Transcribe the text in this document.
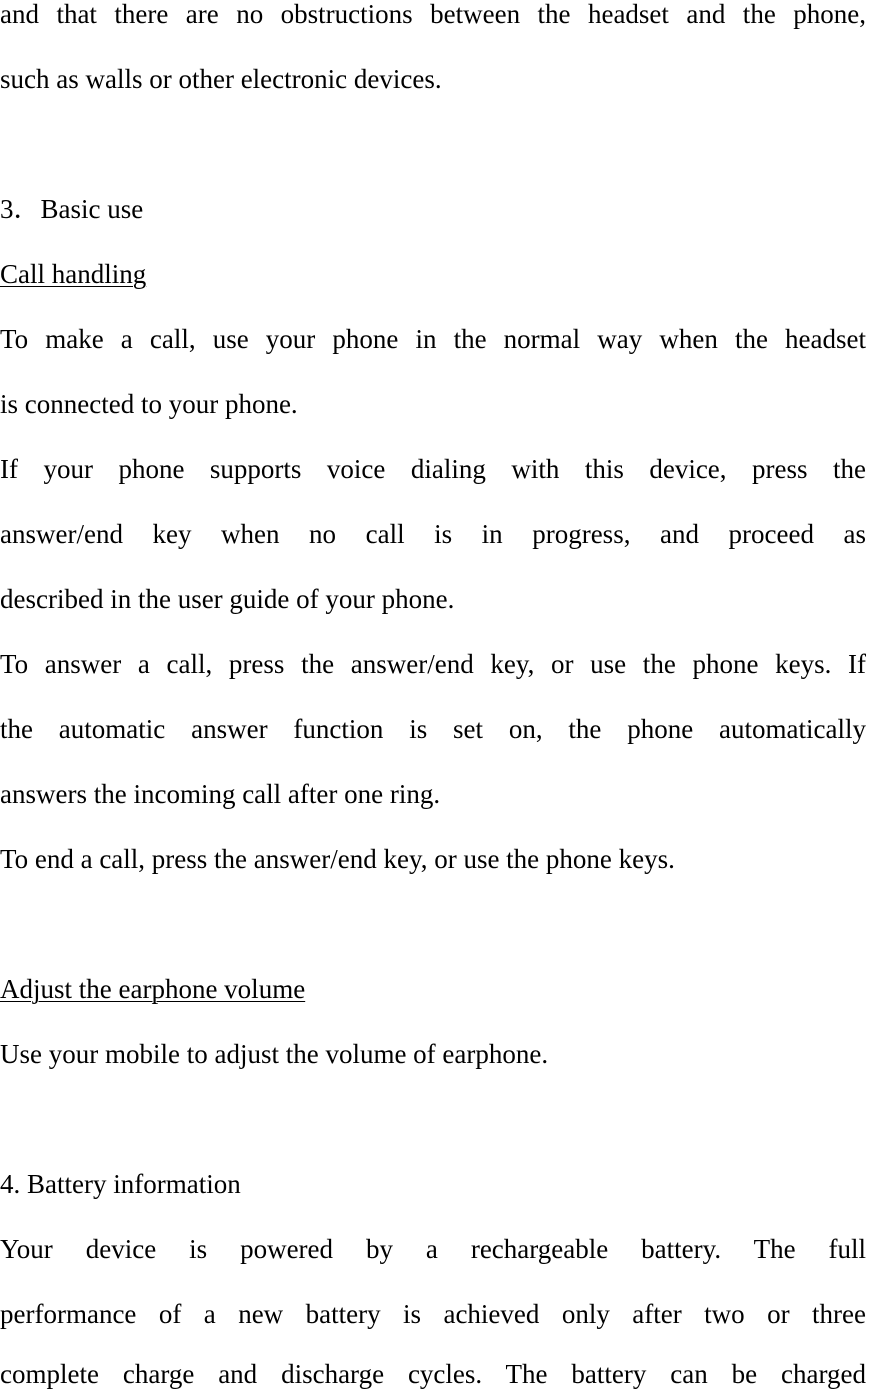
and that there are no obstructions between the headset and the phone,
such as walls or other electronic devices.
3．Basic use
Call handling
To make a call, use your phone in the normal way when the headset
is connected to your phone.
If your phone supports voice dialing with this device, press the
answer/end key when no call is in progress, and proceed as
described in the user guide of your phone.
To answer a call, press the answer/end key, or use the phone keys. If
the automatic answer function is set on, the phone automatically
answers the incoming call after one ring.
To end a call, press the answer/end key, or use the phone keys.
Adjust the earphone volume
Use your mobile to adjust the volume of earphone.
4. Battery information
Your device is powered by a rechargeable battery. The full
performance of a new battery is achieved only after two or three
complete charge and discharge cycles. The battery can be charged
